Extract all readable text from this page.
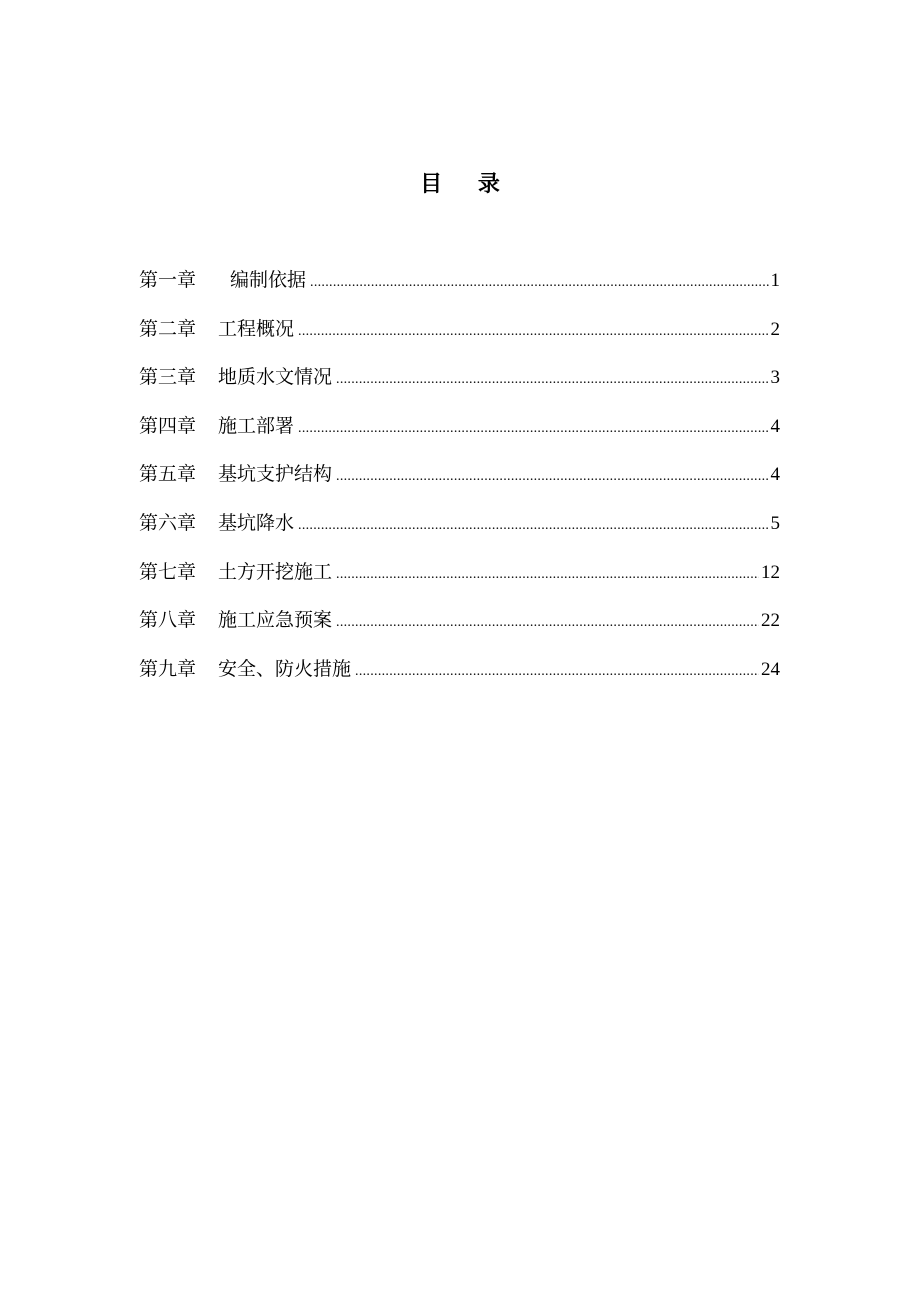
目 录
第一章 编制依据 .....	1
第二章 工程概况 .....	2
第三章 地质水文情况 .....	3
第四章 施工部署 .....	4
第五章 基坑支护结构 .....	4
第六章 基坑降水 .....	5
第七章 土方开挖施工 .....	12
第八章 施工应急预案 .....	22
第九章 安全、防火措施 .....	24
